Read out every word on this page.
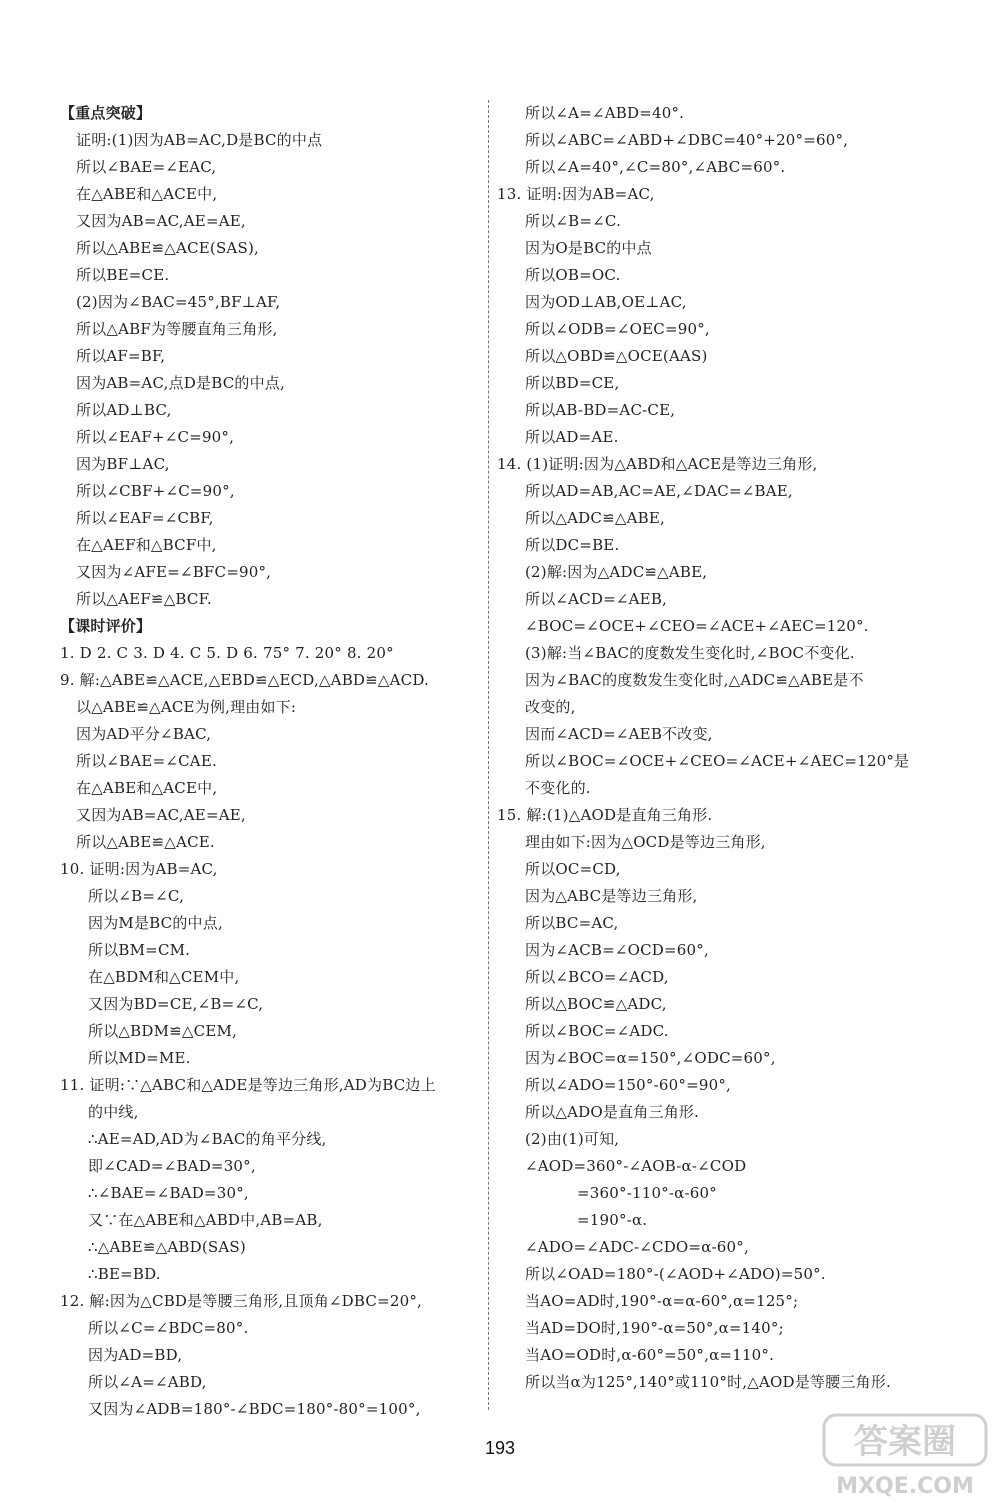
【重点突破】
证明:(1)因为AB=AC,D是BC的中点
所以∠BAE=∠EAC,
在△ABE和△ACE中,
又因为AB=AC,AE=AE,
所以△ABE≌△ACE(SAS),
所以BE=CE.
(2)因为∠BAC=45°,BF⊥AF,
所以△ABF为等腰直角三角形,
所以AF=BF,
因为AB=AC,点D是BC的中点,
所以AD⊥BC,
所以∠EAF+∠C=90°,
因为BF⊥AC,
所以∠CBF+∠C=90°,
所以∠EAF=∠CBF,
在△AEF和△BCF中,
又因为∠AFE=∠BFC=90°,
所以△AEF≌△BCF.
【课时评价】
1. D 2. C 3. D 4. C 5. D 6. 75° 7. 20° 8. 20°
9. 解:△ABE≌△ACE,△EBD≌△ECD,△ABD≌△ACD.
以△ABE≌△ACE为例,理由如下:
因为AD平分∠BAC,
所以∠BAE=∠CAE.
在△ABE和△ACE中,
又因为AB=AC,AE=AE,
所以△ABE≌△ACE.
10. 证明:因为AB=AC,
所以∠B=∠C,
因为M是BC的中点,
所以BM=CM.
在△BDM和△CEM中,
又因为BD=CE,∠B=∠C,
所以△BDM≌△CEM,
所以MD=ME.
11. 证明:∵△ABC和△ADE是等边三角形,AD为BC边上
的中线,
∴AE=AD,AD为∠BAC的角平分线,
即∠CAD=∠BAD=30°,
∴∠BAE=∠BAD=30°,
又∵在△ABE和△ABD中,AB=AB,
∴△ABE≌△ABD(SAS)
∴BE=BD.
12. 解:因为△CBD是等腰三角形,且顶角∠DBC=20°,
所以∠C=∠BDC=80°.
因为AD=BD,
所以∠A=∠ABD,
又因为∠ADB=180°-∠BDC=180°-80°=100°,
所以∠A=∠ABD=40°.
所以∠ABC=∠ABD+∠DBC=40°+20°=60°,
所以∠A=40°,∠C=80°,∠ABC=60°.
13. 证明:因为AB=AC,
所以∠B=∠C.
因为O是BC的中点
所以OB=OC.
因为OD⊥AB,OE⊥AC,
所以∠ODB=∠OEC=90°,
所以△OBD≌△OCE(AAS)
所以BD=CE,
所以AB-BD=AC-CE,
所以AD=AE.
14. (1)证明:因为△ABD和△ACE是等边三角形,
所以AD=AB,AC=AE,∠DAC=∠BAE,
所以△ADC≌△ABE,
所以DC=BE.
(2)解:因为△ADC≌△ABE,
所以∠ACD=∠AEB,
∠BOC=∠OCE+∠CEO=∠ACE+∠AEC=120°.
(3)解:当∠BAC的度数发生变化时,∠BOC不变化.
因为∠BAC的度数发生变化时,△ADC≌△ABE是不
改变的,
因而∠ACD=∠AEB不改变,
所以∠BOC=∠OCE+∠CEO=∠ACE+∠AEC=120°是
不变化的.
15. 解:(1)△AOD是直角三角形.
理由如下:因为△OCD是等边三角形,
所以OC=CD,
因为△ABC是等边三角形,
所以BC=AC,
因为∠ACB=∠OCD=60°,
所以∠BCO=∠ACD,
所以△BOC≌△ADC,
所以∠BOC=∠ADC.
因为∠BOC=α=150°,∠ODC=60°,
所以∠ADO=150°-60°=90°,
所以△ADO是直角三角形.
(2)由(1)可知,
∠AOD=360°-∠AOB-α-∠COD
=360°-110°-α-60°
=190°-α.
∠ADO=∠ADC-∠CDO=α-60°,
所以∠OAD=180°-(∠AOD+∠ADO)=50°.
当AO=AD时,190°-α=α-60°,α=125°;
当AD=DO时,190°-α=50°,α=140°;
当AO=OD时,α-60°=50°,α=110°.
所以当α为125°,140°或110°时,△AOD是等腰三角形.
193	答案圈
MXQE.COM
